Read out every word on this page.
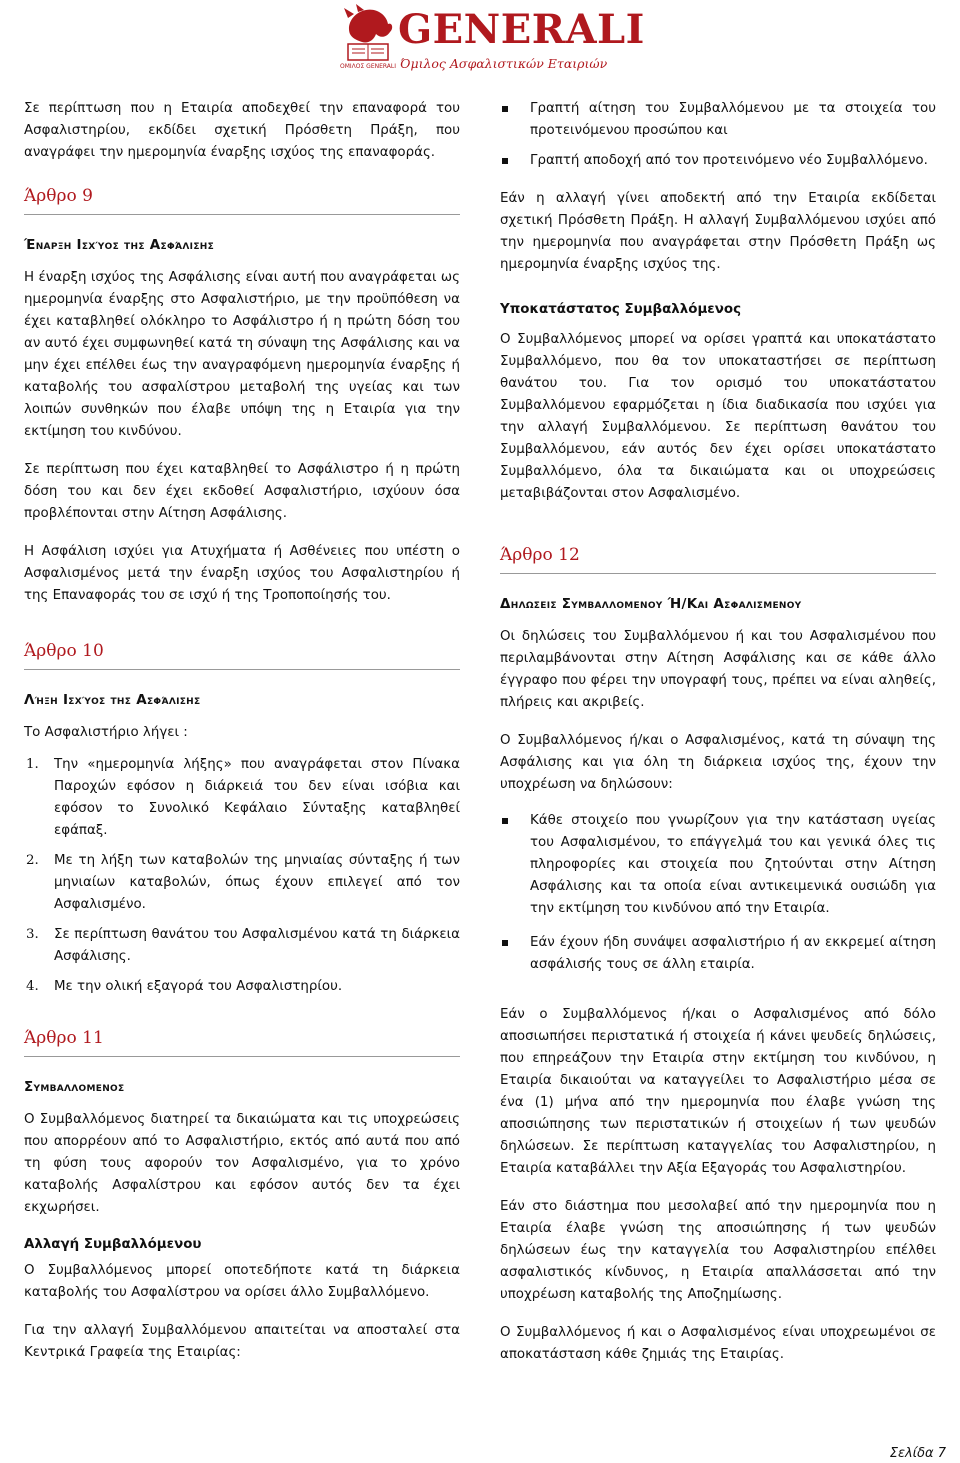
ΟΜΙΛΟΣ GENERALI
GENERALI
Όμιλος Ασφαλιστικών Εταιριών

Σε περίπτωση που η Εταιρία αποδεχθεί την επαναφορά του Ασφαλιστηρίου, εκδίδει σχετική Πρόσθετη Πράξη, που αναγράφει την ημερομηνία έναρξης ισχύος της επαναφοράς.

Άρθρο 9
Έναρξη Ισχύος της Ασφάλισης

Η έναρξη ισχύος της Ασφάλισης είναι αυτή που αναγράφεται ως ημερομηνία έναρξης στο Ασφαλιστήριο, με την προϋπόθεση να έχει καταβληθεί ολόκληρο το Ασφάλιστρο ή η πρώτη δόση του αν αυτό έχει συμφωνηθεί κατά τη σύναψη της Ασφάλισης και να μην έχει επέλθει έως την αναγραφόμενη ημερομηνία έναρξης ή καταβολής του ασφαλίστρου μεταβολή της υγείας και των λοιπών συνθηκών που έλαβε υπόψη της η Εταιρία για την εκτίμηση του κινδύνου.

Σε περίπτωση που έχει καταβληθεί το Ασφάλιστρο ή η πρώτη δόση του και δεν έχει εκδοθεί Ασφαλιστήριο, ισχύουν όσα προβλέπονται στην Αίτηση Ασφάλισης.

Η Ασφάλιση ισχύει για Ατυχήματα ή Ασθένειες που υπέστη ο Ασφαλισμένος μετά την έναρξη ισχύος του Ασφαλιστηρίου ή της Επαναφοράς του σε ισχύ ή της Τροποποίησής του.

Άρθρο 10
Λήξη Ισχύος της Ασφάλισης

Το Ασφαλιστήριο λήγει :

1. Την «ημερομηνία λήξης» που αναγράφεται στον Πίνακα Παροχών εφόσον η διάρκειά του δεν είναι ισόβια και εφόσον το Συνολικό Κεφάλαιο Σύνταξης καταβληθεί εφάπαξ.
2. Με τη λήξη των καταβολών της μηνιαίας σύνταξης ή των μηνιαίων καταβολών, όπως έχουν επιλεγεί από τον Ασφαλισμένο.
3. Σε περίπτωση θανάτου του Ασφαλισμένου κατά τη διάρκεια Ασφάλισης.
4. Με την ολική εξαγορά του Ασφαλιστηρίου.
Άρθρο 11
Συμβαλλομενος

Ο Συμβαλλόμενος διατηρεί τα δικαιώματα και τις υποχρεώσεις που απορρέουν από το Ασφαλιστήριο, εκτός από αυτά που από τη φύση τους αφορούν τον Ασφαλισμένο, για το χρόνο καταβολής Ασφαλίστρου και εφόσον αυτός δεν τα έχει εκχωρήσει.

Αλλαγή Συμβαλλόμενου

Ο Συμβαλλόμενος μπορεί οποτεδήποτε κατά τη διάρκεια καταβολής του Ασφαλίστρου να ορίσει άλλο Συμβαλλόμενο.

Για την αλλαγή Συμβαλλόμενου απαιτείται να αποσταλεί στα Κεντρικά Γραφεία της Εταιρίας:

Γραπτή αίτηση του Συμβαλλόμενου με τα στοιχεία του προτεινόμενου προσώπου και
Γραπτή αποδοχή από τον προτεινόμενο νέο Συμβαλλόμενο.

Εάν η αλλαγή γίνει αποδεκτή από την Εταιρία εκδίδεται σχετική Πρόσθετη Πράξη. Η αλλαγή Συμβαλλόμενου ισχύει από την ημερομηνία που αναγράφεται στην Πρόσθετη Πράξη ως ημερομηνία έναρξης ισχύος της.

Υποκατάστατος Συμβαλλόμενος

Ο Συμβαλλόμενος μπορεί να ορίσει γραπτά και υποκατάστατο Συμβαλλόμενο, που θα τον υποκαταστήσει σε περίπτωση θανάτου του. Για τον ορισμό του υποκατάστατου Συμβαλλόμενου εφαρμόζεται η ίδια διαδικασία που ισχύει για την αλλαγή Συμβαλλόμενου. Σε περίπτωση θανάτου του Συμβαλλόμενου, εάν αυτός δεν έχει ορίσει υποκατάστατο Συμβαλλόμενο, όλα τα δικαιώματα και οι υποχρεώσεις μεταβιβάζονται στον Ασφαλισμένο.

Άρθρο 12
Δηλωσεις Συμβαλλομενου Ή/Και Ασφαλισμενου

Οι δηλώσεις του Συμβαλλόμενου ή και του Ασφαλισμένου που περιλαμβάνονται στην Αίτηση Ασφάλισης και σε κάθε άλλο έγγραφο που φέρει την υπογραφή τους, πρέπει να είναι αληθείς, πλήρεις και ακριβείς.

Ο Συμβαλλόμενος ή/και ο Ασφαλισμένος, κατά τη σύναψη της Ασφάλισης και για όλη τη διάρκεια ισχύος της, έχουν την υποχρέωση να δηλώσουν:

Κάθε στοιχείο που γνωρίζουν για την κατάσταση υγείας του Ασφαλισμένου, το επάγγελμά του και γενικά όλες τις πληροφορίες και στοιχεία που ζητούνται στην Αίτηση Ασφάλισης και τα οποία είναι αντικειμενικά ουσιώδη για την εκτίμηση του κινδύνου από την Εταιρία.
Εάν έχουν ήδη συνάψει ασφαλιστήριο ή αν εκκρεμεί αίτηση ασφάλισής τους σε άλλη εταιρία.

Εάν ο Συμβαλλόμενος ή/και ο Ασφαλισμένος από δόλο αποσιωπήσει περιστατικά ή στοιχεία ή κάνει ψευδείς δηλώσεις, που επηρεάζουν την Εταιρία στην εκτίμηση του κινδύνου, η Εταιρία δικαιούται να καταγγείλει το Ασφαλιστήριο μέσα σε ένα (1) μήνα από την ημερομηνία που έλαβε γνώση της αποσιώπησης των περιστατικών ή στοιχείων ή των ψευδών δηλώσεων. Σε περίπτωση καταγγελίας του Ασφαλιστηρίου, η Εταιρία καταβάλλει την Αξία Εξαγοράς του Ασφαλιστηρίου.

Εάν στο διάστημα που μεσολαβεί από την ημερομηνία που η Εταιρία έλαβε γνώση της αποσιώπησης ή των ψευδών δηλώσεων έως την καταγγελία του Ασφαλιστηρίου επέλθει ασφαλιστικός κίνδυνος, η Εταιρία απαλλάσσεται από την υποχρέωση καταβολής της Αποζημίωσης.

Ο Συμβαλλόμενος ή και ο Ασφαλισμένος είναι υποχρεωμένοι σε αποκατάσταση κάθε ζημιάς της Εταιρίας.

Σελίδα 7
